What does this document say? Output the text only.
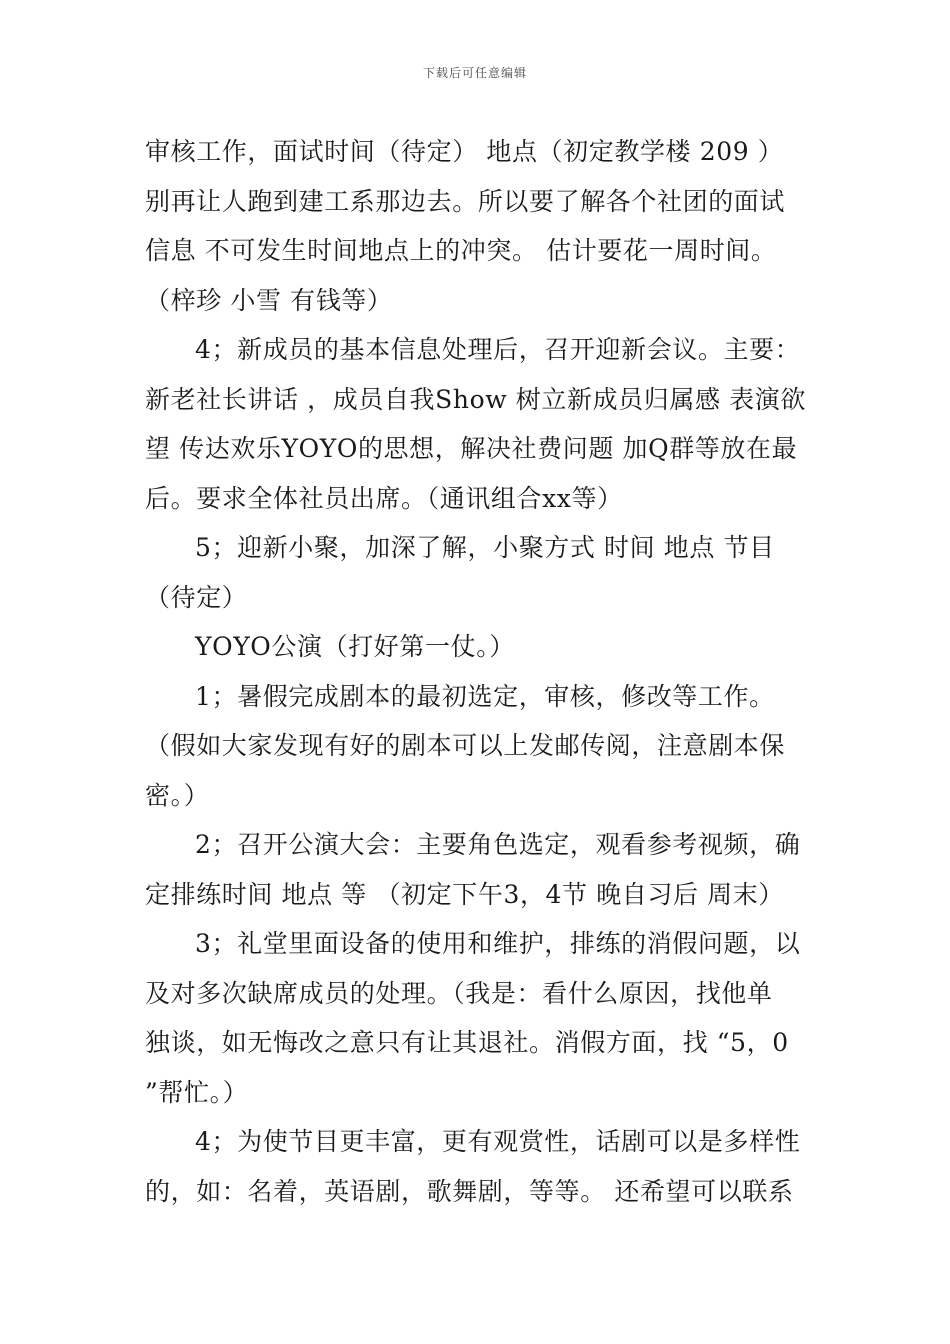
下载后可任意编辑
审核工作，面试时间（待定） 地点（初定教学楼 209 ）
别再让人跑到建工系那边去。所以要了解各个社团的面试
信息 不可发生时间地点上的冲突。 估计要花一周时间。
（梓珍 小雪 有钱等）
4；新成员的基本信息处理后，召开迎新会议。主要：
新老社长讲话 ，成员自我Show 树立新成员归属感 表演欲
望 传达欢乐YOYO的思想，解决社费问题 加Q群等放在最
后。要求全体社员出席。（通讯组合xx等）
5；迎新小聚，加深了解，小聚方式 时间 地点 节目
（待定）
YOYO公演（打好第一仗。）
1；暑假完成剧本的最初选定，审核，修改等工作。
（假如大家发现有好的剧本可以上发邮传阅，注意剧本保
密。）
2；召开公演大会：主要角色选定，观看参考视频，确
定排练时间 地点 等 （初定下午3，4节 晚自习后 周末）
3；礼堂里面设备的使用和维护，排练的消假问题，以
及对多次缺席成员的处理。（我是：看什么原因，找他单
独谈，如无悔改之意只有让其退社。消假方面，找 “5，0
”帮忙。）
4；为使节目更丰富，更有观赏性，话剧可以是多样性
的，如：名着，英语剧，歌舞剧，等等。 还希望可以联系
